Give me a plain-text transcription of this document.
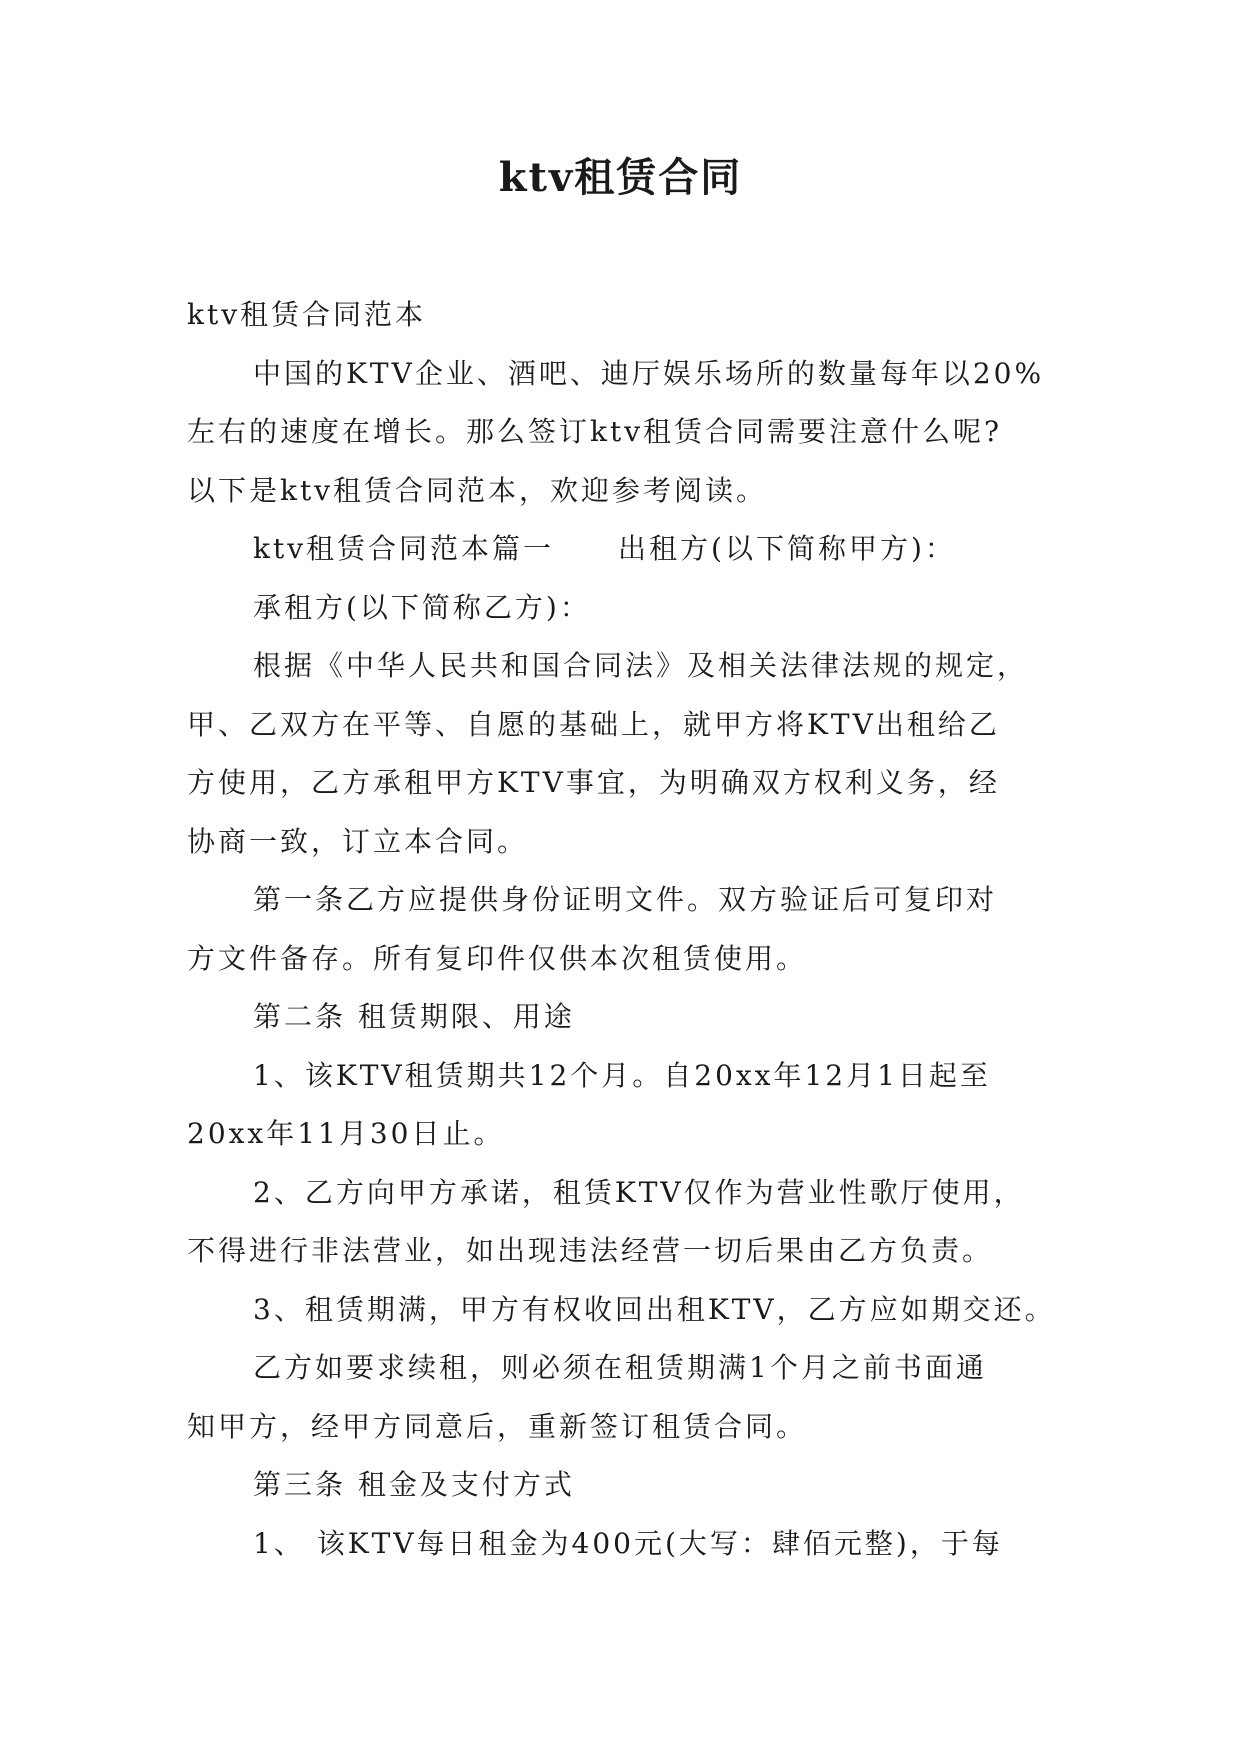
ktv租赁合同
ktv租赁合同范本
中国的KTV企业、酒吧、迪厅娱乐场所的数量每年以20%
左右的速度在增长。那么签订ktv租赁合同需要注意什么呢?
以下是ktv租赁合同范本，欢迎参考阅读。
ktv租赁合同范本篇一 出租方(以下简称甲方)：
承租方(以下简称乙方)：
根据《中华人民共和国合同法》及相关法律法规的规定，
甲、乙双方在平等、自愿的基础上，就甲方将KTV出租给乙
方使用，乙方承租甲方KTV事宜，为明确双方权利义务，经
协商一致，订立本合同。
第一条乙方应提供身份证明文件。双方验证后可复印对
方文件备存。所有复印件仅供本次租赁使用。
第二条 租赁期限、用途
1、该KTV租赁期共12个月。自20xx年12月1日起至
20xx年11月30日止。
2、乙方向甲方承诺，租赁KTV仅作为营业性歌厅使用，
不得进行非法营业，如出现违法经营一切后果由乙方负责。
3、租赁期满，甲方有权收回出租KTV，乙方应如期交还。
乙方如要求续租，则必须在租赁期满1个月之前书面通
知甲方，经甲方同意后，重新签订租赁合同。
第三条 租金及支付方式
1、 该KTV每日租金为400元(大写：肆佰元整)，于每
